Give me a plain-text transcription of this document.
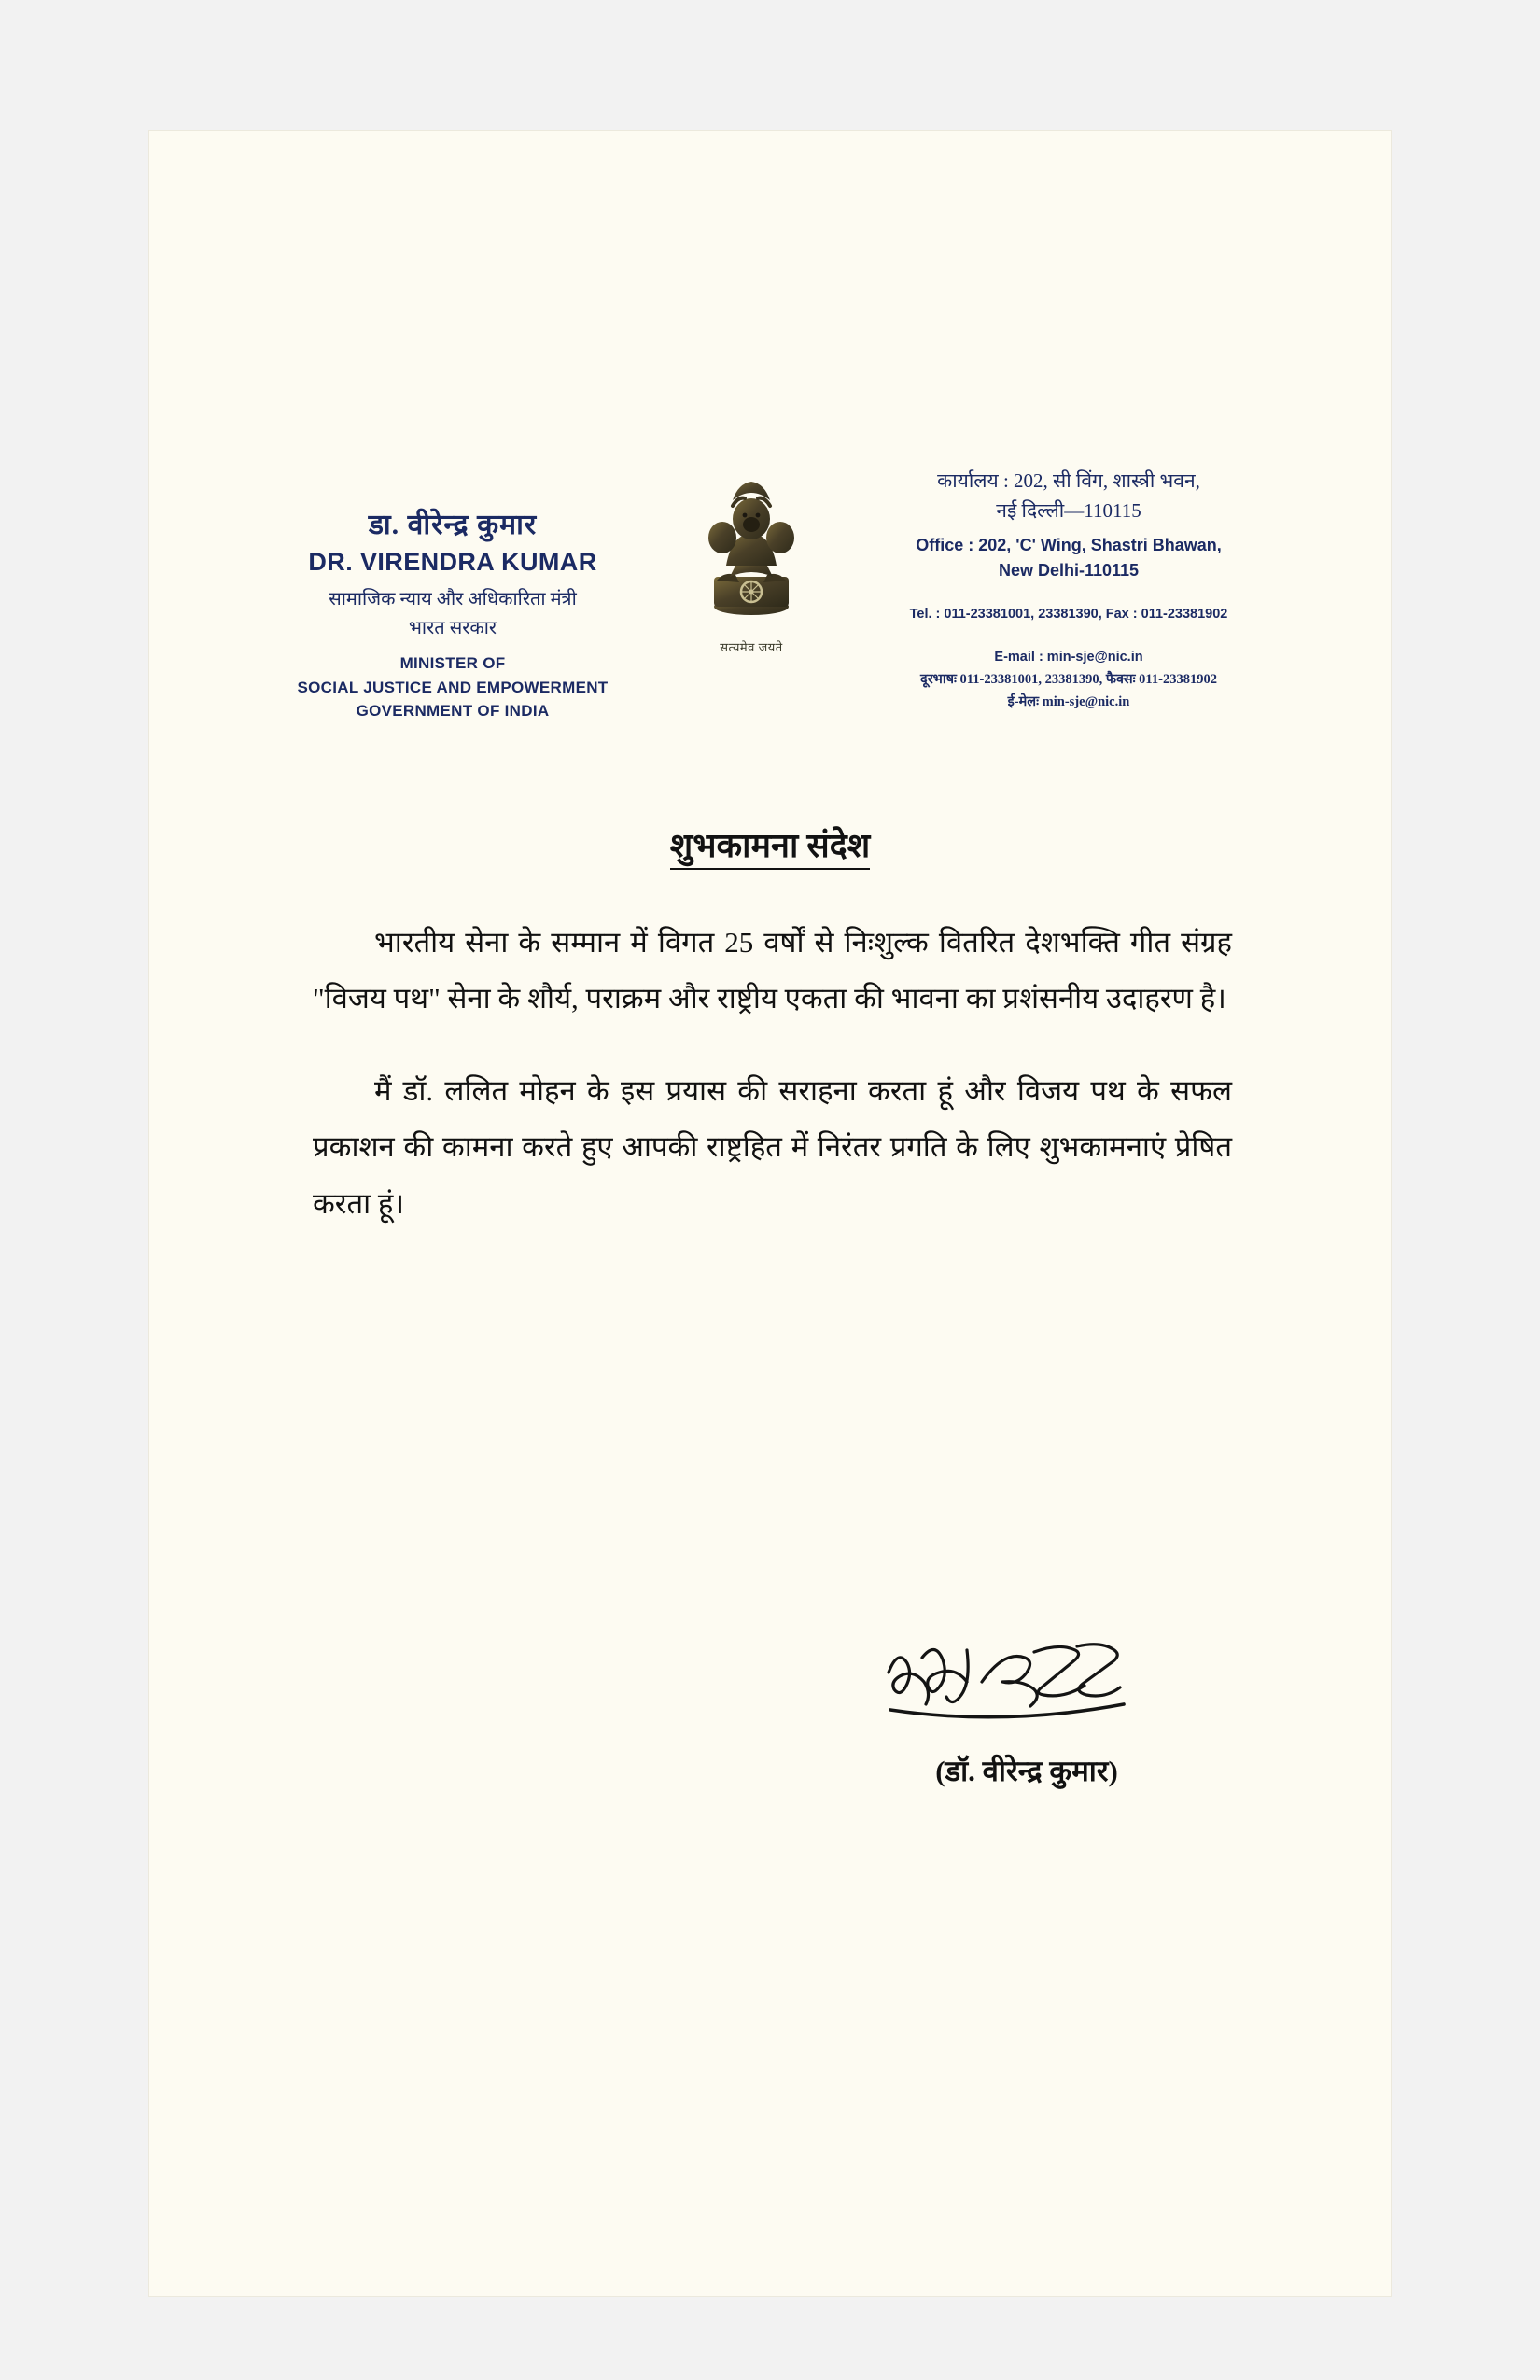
डा. वीरेन्द्र कुमार
DR. VIRENDRA KUMAR
सामाजिक न्याय और अधिकारिता मंत्री
भारत सरकार
MINISTER OF
SOCIAL JUSTICE AND EMPOWERMENT
GOVERNMENT OF INDIA
सत्यमेव जयते
कार्यालय : 202, सी विंग, शास्त्री भवन,
नई दिल्ली—110115
Office : 202, 'C' Wing, Shastri Bhawan,
New Delhi-110115
Tel. : 011-23381001, 23381390, Fax : 011-23381902
E-mail : min-sje@nic.in
दूरभाषः 011-23381001, 23381390, फैक्सः 011-23381902
ई-मेलः min-sje@nic.in
शुभकामना संदेश

भारतीय सेना के सम्मान में विगत 25 वर्षों से निःशुल्क वितरित देशभक्ति गीत संग्रह "विजय पथ" सेना के शौर्य, पराक्रम और राष्ट्रीय एकता की भावना का प्रशंसनीय उदाहरण है।

मैं डॉ. ललित मोहन के इस प्रयास की सराहना करता हूं और विजय पथ के सफल प्रकाशन की कामना करते हुए आपकी राष्ट्रहित में निरंतर प्रगति के लिए शुभकामनाएं प्रेषित करता हूं।

(डॉ. वीरेन्द्र कुमार)
